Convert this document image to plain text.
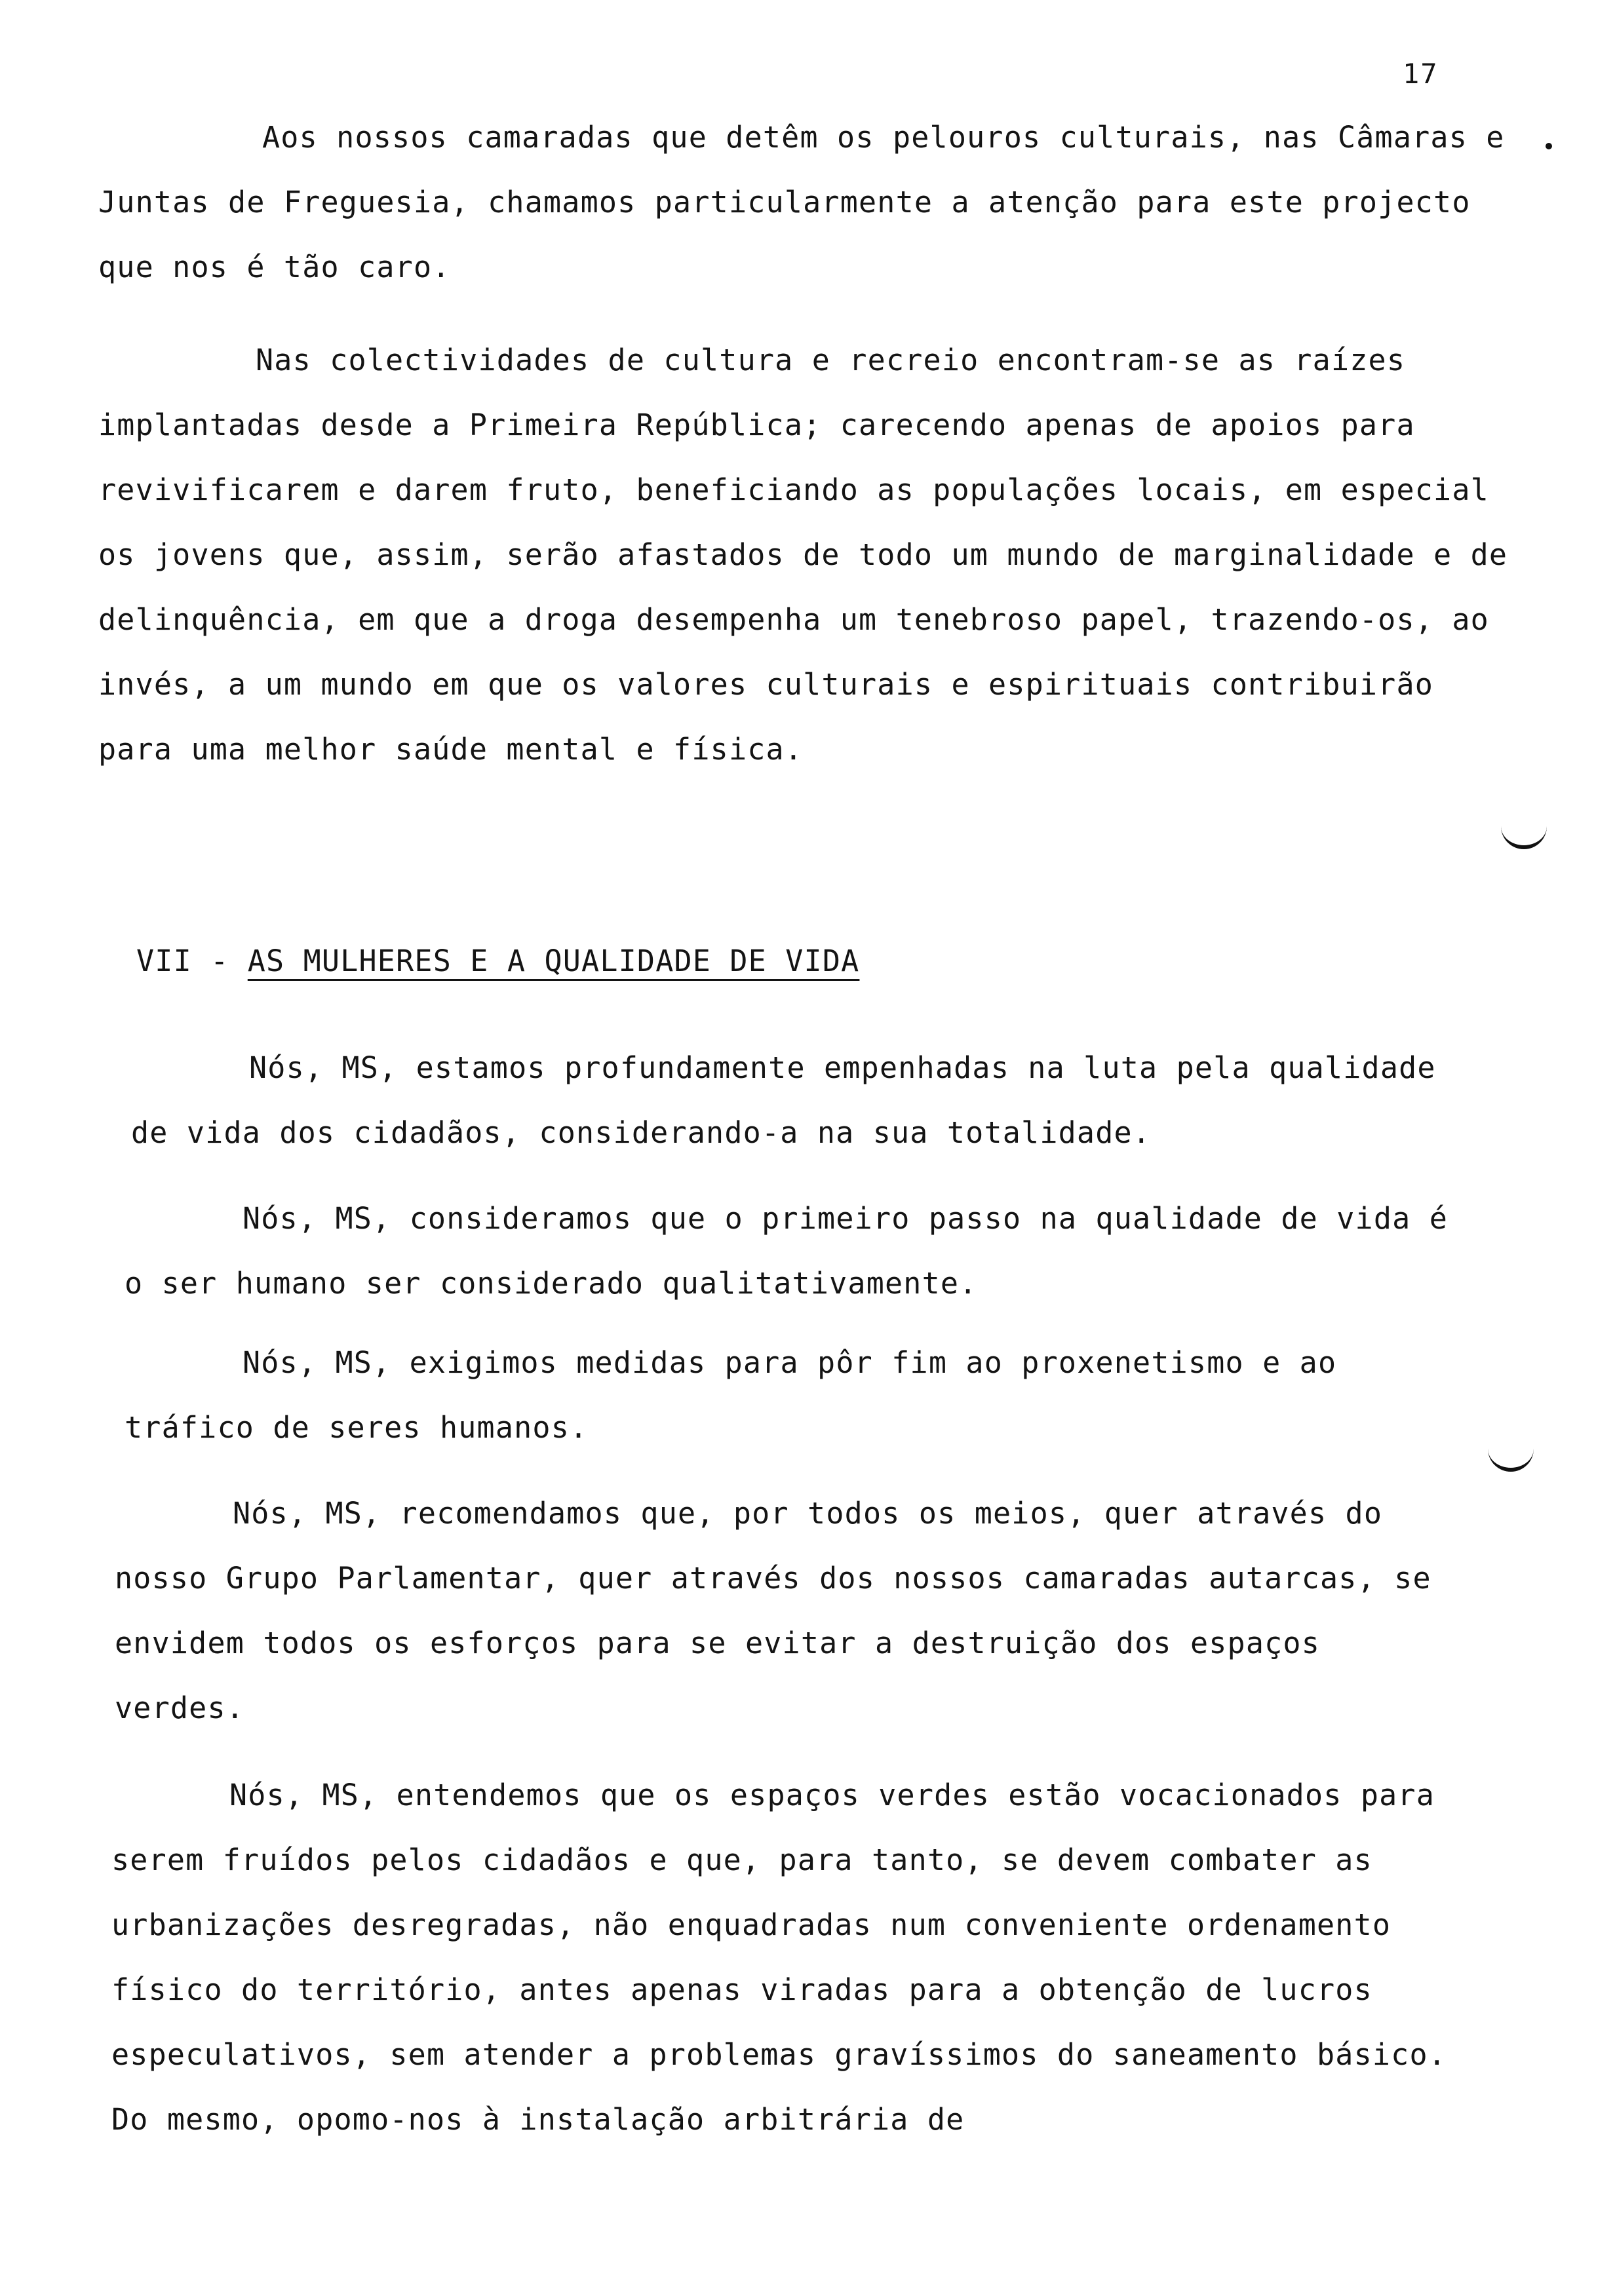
17

Aos nossos camaradas que detêm os pelouros culturais, nas Câmaras e Juntas de Freguesia, chamamos particularmente a atenção para este projecto que nos é tão caro.

Nas colectividades de cultura e recreio encontram-se as raízes implantadas desde a Primeira República; carecendo apenas de apoios para revivificarem e darem fruto, beneficiando as populações locais, em especial os jovens que, assim, serão afastados de todo um mundo de marginalidade e de delinquência, em que a droga desempenha um tenebroso papel, trazendo-os, ao invés, a um mundo em que os valores culturais e espirituais contribuirão para uma melhor saúde mental e física.

VII - AS MULHERES E A QUALIDADE DE VIDA

Nós, MS, estamos profundamente empenhadas na luta pela qualidade de vida dos cidadãos, considerando-a na sua totalidade.

Nós, MS, consideramos que o primeiro passo na qualidade de vida é o ser humano ser considerado qualitativamente.

Nós, MS, exigimos medidas para pôr fim ao proxenetismo e ao tráfico de seres humanos.

Nós, MS, recomendamos que, por todos os meios, quer através do nosso Grupo Parlamentar, quer através dos nossos camaradas autarcas, se envidem todos os esforços para se evitar a destruição dos espaços verdes.

Nós, MS, entendemos que os espaços verdes estão vocacionados para serem fruídos pelos cidadãos e que, para tanto, se devem combater as urbanizações desregradas, não enquadradas num conveniente ordenamento físico do território, antes apenas viradas para a obtenção de lucros especulativos, sem atender a problemas gravíssimos do saneamento básico. Do mesmo, opomo-nos à instalação arbitrária de
